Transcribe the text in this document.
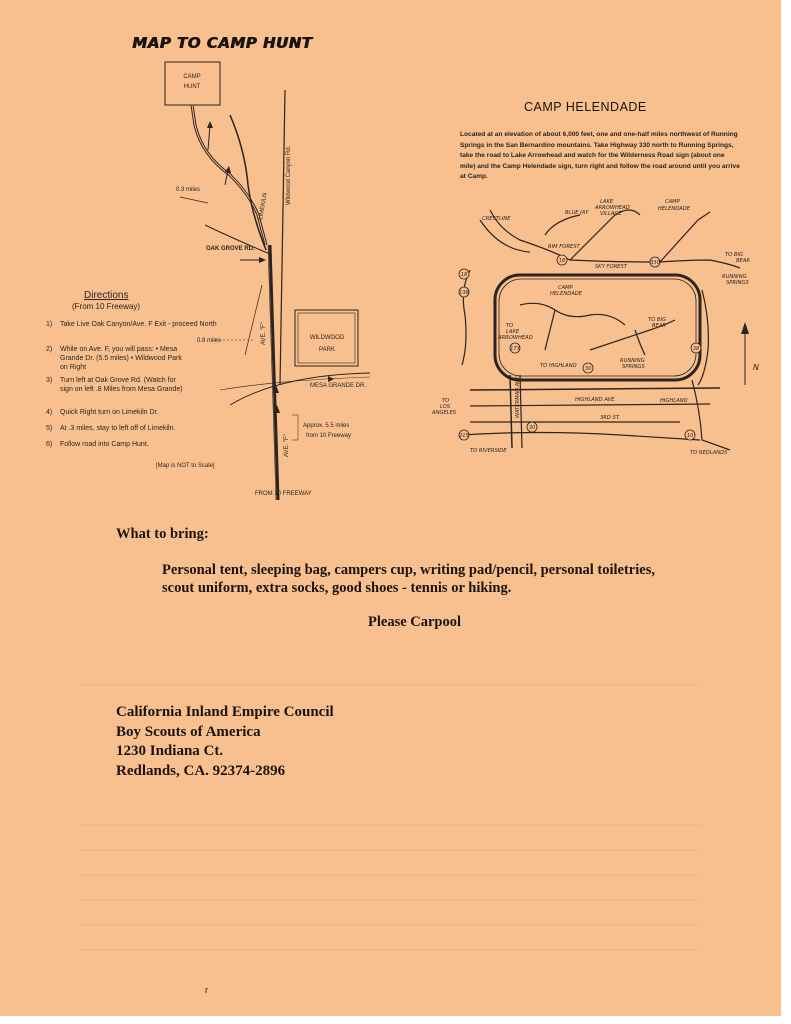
MAP TO CAMP HUNT
CAMP
HUNT
LIMEKILN
0.3 miles	Wildwood Canyon Rd.
OAK GROVE RD.
AVE. "F"
0.8 miles	WILDWOOD
PARK
MESA GRANDE DR.
Approx. 5.5 miles
from 10 Freeway
AVE. "F"
[Map is NOT to Scale]
FROM 10 FREEWAY
Directions
(From 10 Freeway)
1)	Take Live Oak Canyon/Ave. F Exit - proceed North
2)	While on Ave. F, you will pass: • Mesa Grande Dr. (5.5 miles) • Wildwood Park on Right
3)	Turn left at Oak Grove Rd. (Watch for sign on left .8 Miles from Mesa Grande)
4)	Quick Right turn on Limekiln Dr.
5)	At .3 miles, stay to left off of Limekiln.
6)	Follow road into Camp Hunt.
CAMP HELENDADE
Located at an elevation of about 6,000 feet, one and one-half miles northwest of Running Springs in the San Bernardino mountains. Take Highway 330 north to Running Springs, take the road to Lake Arrowhead and watch for the Wilderness Road sign (about one mile) and the Camp Helendade sign, turn right and follow the road around until you arrive at Camp.
N
18
138
18	330
38
30
10
215
173
30
CRESTLINE
BLUE JAY
LAKE
ARROWHEAD
VILLAGE
CAMP
HELENDADE
RIM FOREST
SKY FOREST
TO BIG
BEAR
RUNNING
SPRINGS
CAMP
HELENDADE
TO
LAKE
ARROWHEAD
TO BIG
BEAR
TO HIGHLAND
RUNNING
SPRINGS
HIGHLAND AVE.	HIGHLAND
TO
LOS
ANGELES
3RD ST.
TO RIVERSIDE	TO REDLANDS
WATERMAN AVE
What to bring:
Personal tent, sleeping bag, campers cup, writing pad/pencil, personal toiletries,
scout uniform, extra socks, good shoes - tennis or hiking.
Please Carpool
California Inland Empire Council
Boy Scouts of America
1230 Indiana Ct.
Redlands, CA. 92374-2896
r
